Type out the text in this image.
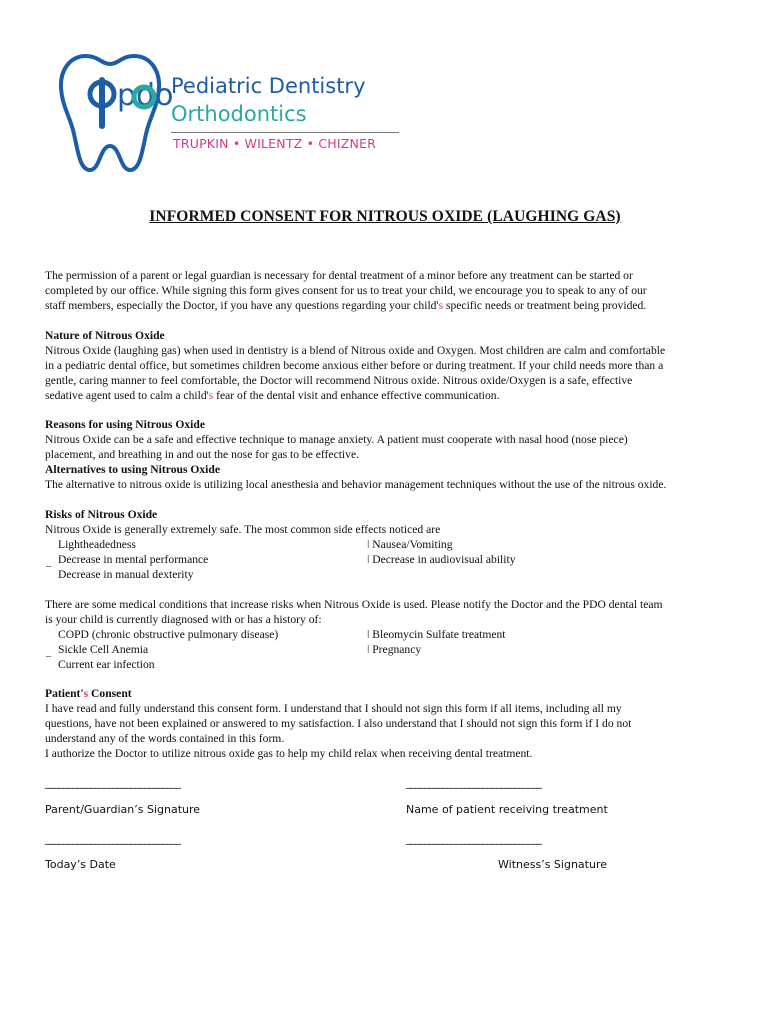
pdo
Pediatric Dentistry
Orthodontics
TRUPKIN • WILENTZ • CHIZNER
INFORMED CONSENT FOR NITROUS OXIDE (LAUGHING GAS)

The permission of a parent or legal guardian is necessary for dental treatment of a minor before any treatment can be started or

completed by our office. While signing this form gives consent for us to treat your child, we encourage you to speak to any of our

staff members, especially the Doctor, if you have any questions regarding your child's specific needs or treatment being provided.

Nature of Nitrous Oxide

Nitrous Oxide (laughing gas) when used in dentistry is a blend of Nitrous oxide and Oxygen. Most children are calm and comfortable

in a pediatric dental office, but sometimes children become anxious either before or during treatment. If your child needs more than a

gentle, caring manner to feel comfortable, the Doctor will recommend Nitrous oxide. Nitrous oxide/Oxygen is a safe, effective

sedative agent used to calm a child's fear of the dental visit and enhance effective communication.

Reasons for using Nitrous Oxide

Nitrous Oxide can be a safe and effective technique to manage anxiety. A patient must cooperate with nasal hood (nose piece)

placement, and breathing in and out the nose for gas to be effective.

Alternatives to using Nitrous Oxide

The alternative to nitrous oxide is utilizing local anesthesia and behavior management techniques without the use of the nitrous oxide.

Risks of Nitrous Oxide

Nitrous Oxide is generally extremely safe. The most common side effects noticed are

Lightheadedness	ǀ Nausea/Vomiting
Decrease in mental performance	ǀ Decrease in audiovisual ability
¯ Decrease in manual dexterity

There are some medical conditions that increase risks when Nitrous Oxide is used. Please notify the Doctor and the PDO dental team

is your child is currently diagnosed with or has a history of:

COPD (chronic obstructive pulmonary disease)	ǀ Bleomycin Sulfate treatment
Sickle Cell Anemia	ǀ Pregnancy
¯ Current ear infection

Patient's Consent

I have read and fully understand this consent form. I understand that I should not sign this form if all items, including all my

questions, have not been explained or answered to my satisfaction. I also understand that I should not sign this form if I do not

understand any of the words contained in this form.

I authorize the Doctor to utilize nitrous oxide gas to help my child relax when receiving dental treatment.

______________________________	______________________________
Parent/Guardian’s Signature	Name of patient receiving treatment
______________________________	______________________________
Today’s Date	Witness’s Signature
